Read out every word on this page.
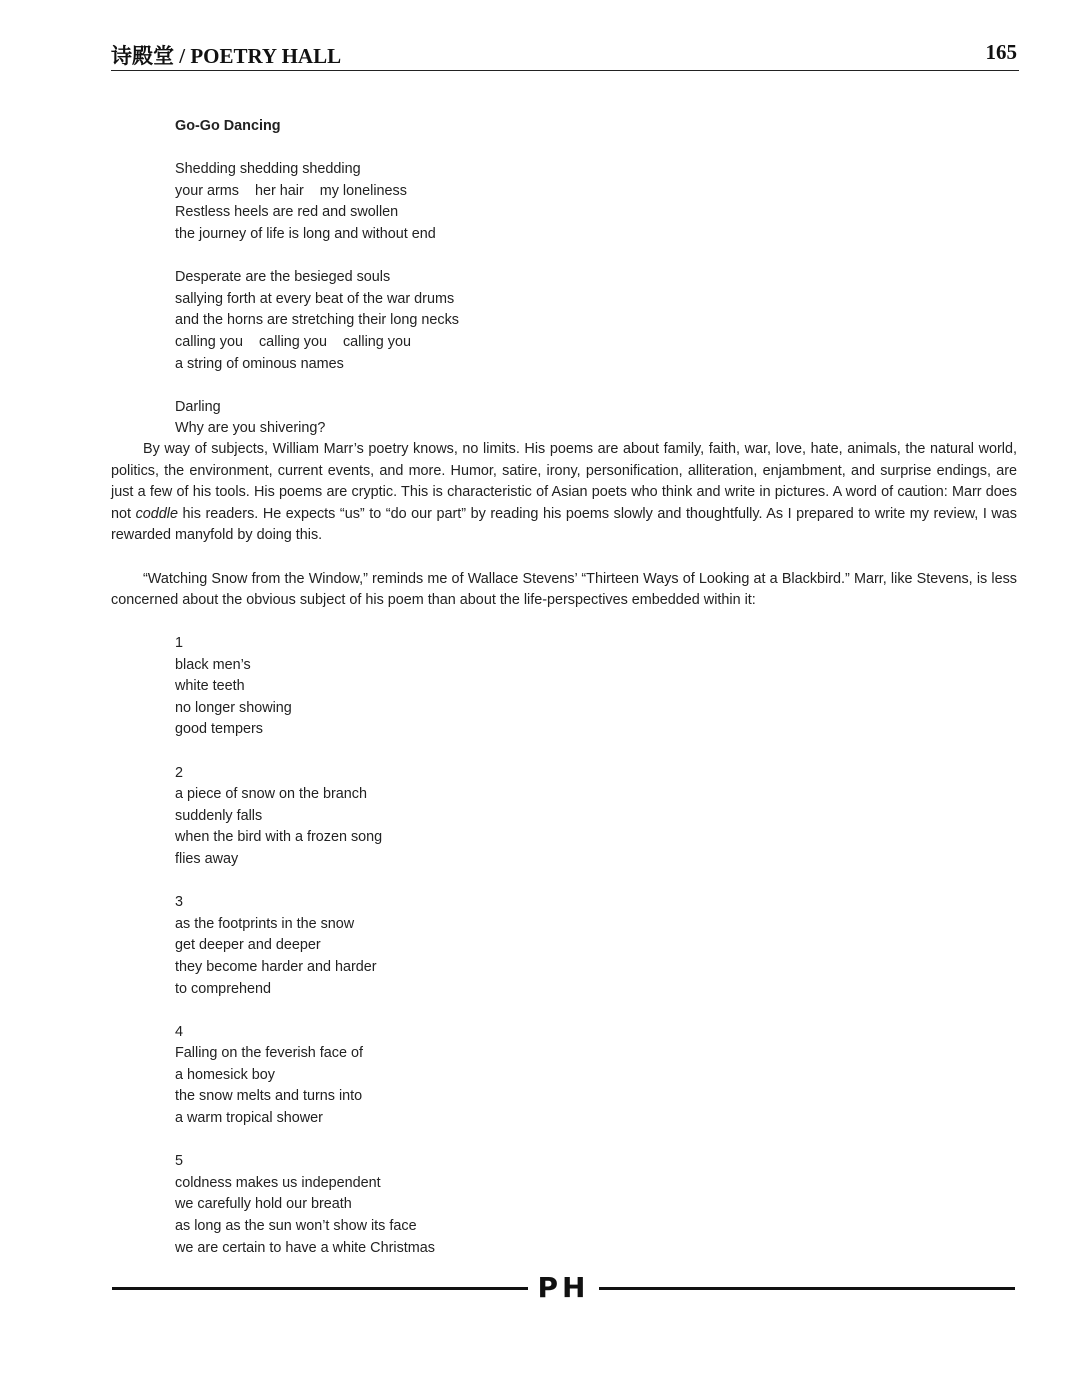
诗殿堂 / POETRY HALL	165
Go-Go Dancing
Shedding shedding shedding
your arms    her hair    my loneliness
Restless heels are red and swollen
the journey of life is long and without end
Desperate are the besieged souls
sallying forth at every beat of the war drums
and the horns are stretching their long necks
calling you    calling you    calling you
a string of ominous names
Darling
Why are you shivering?

By way of subjects, William Marr’s poetry knows, no limits. His poems are about family, faith, war, love, hate, animals, the natural world, politics, the environment, current events, and more. Humor, satire, irony, personification, alliteration, enjambment, and surprise endings, are just a few of his tools. His poems are cryptic. This is characteristic of Asian poets who think and write in pictures. A word of caution: Marr does not coddle his readers. He expects “us” to “do our part” by reading his poems slowly and thoughtfully. As I prepared to write my review, I was rewarded manyfold by doing this.

“Watching Snow from the Window,” reminds me of Wallace Stevens’ “Thirteen Ways of Looking at a Blackbird.” Marr, like Stevens, is less concerned about the obvious subject of his poem than about the life-perspectives embedded within it:

1
black men’s
white teeth
no longer showing
good tempers
2
a piece of snow on the branch
suddenly falls
when the bird with a frozen song
flies away
3
as the footprints in the snow
get deeper and deeper
they become harder and harder
to comprehend
4
Falling on the feverish face of
a homesick boy
the snow melts and turns into
a warm tropical shower
5
coldness makes us independent
we carefully hold our breath
as long as the sun won’t show its face
we are certain to have a white Christmas
PH
